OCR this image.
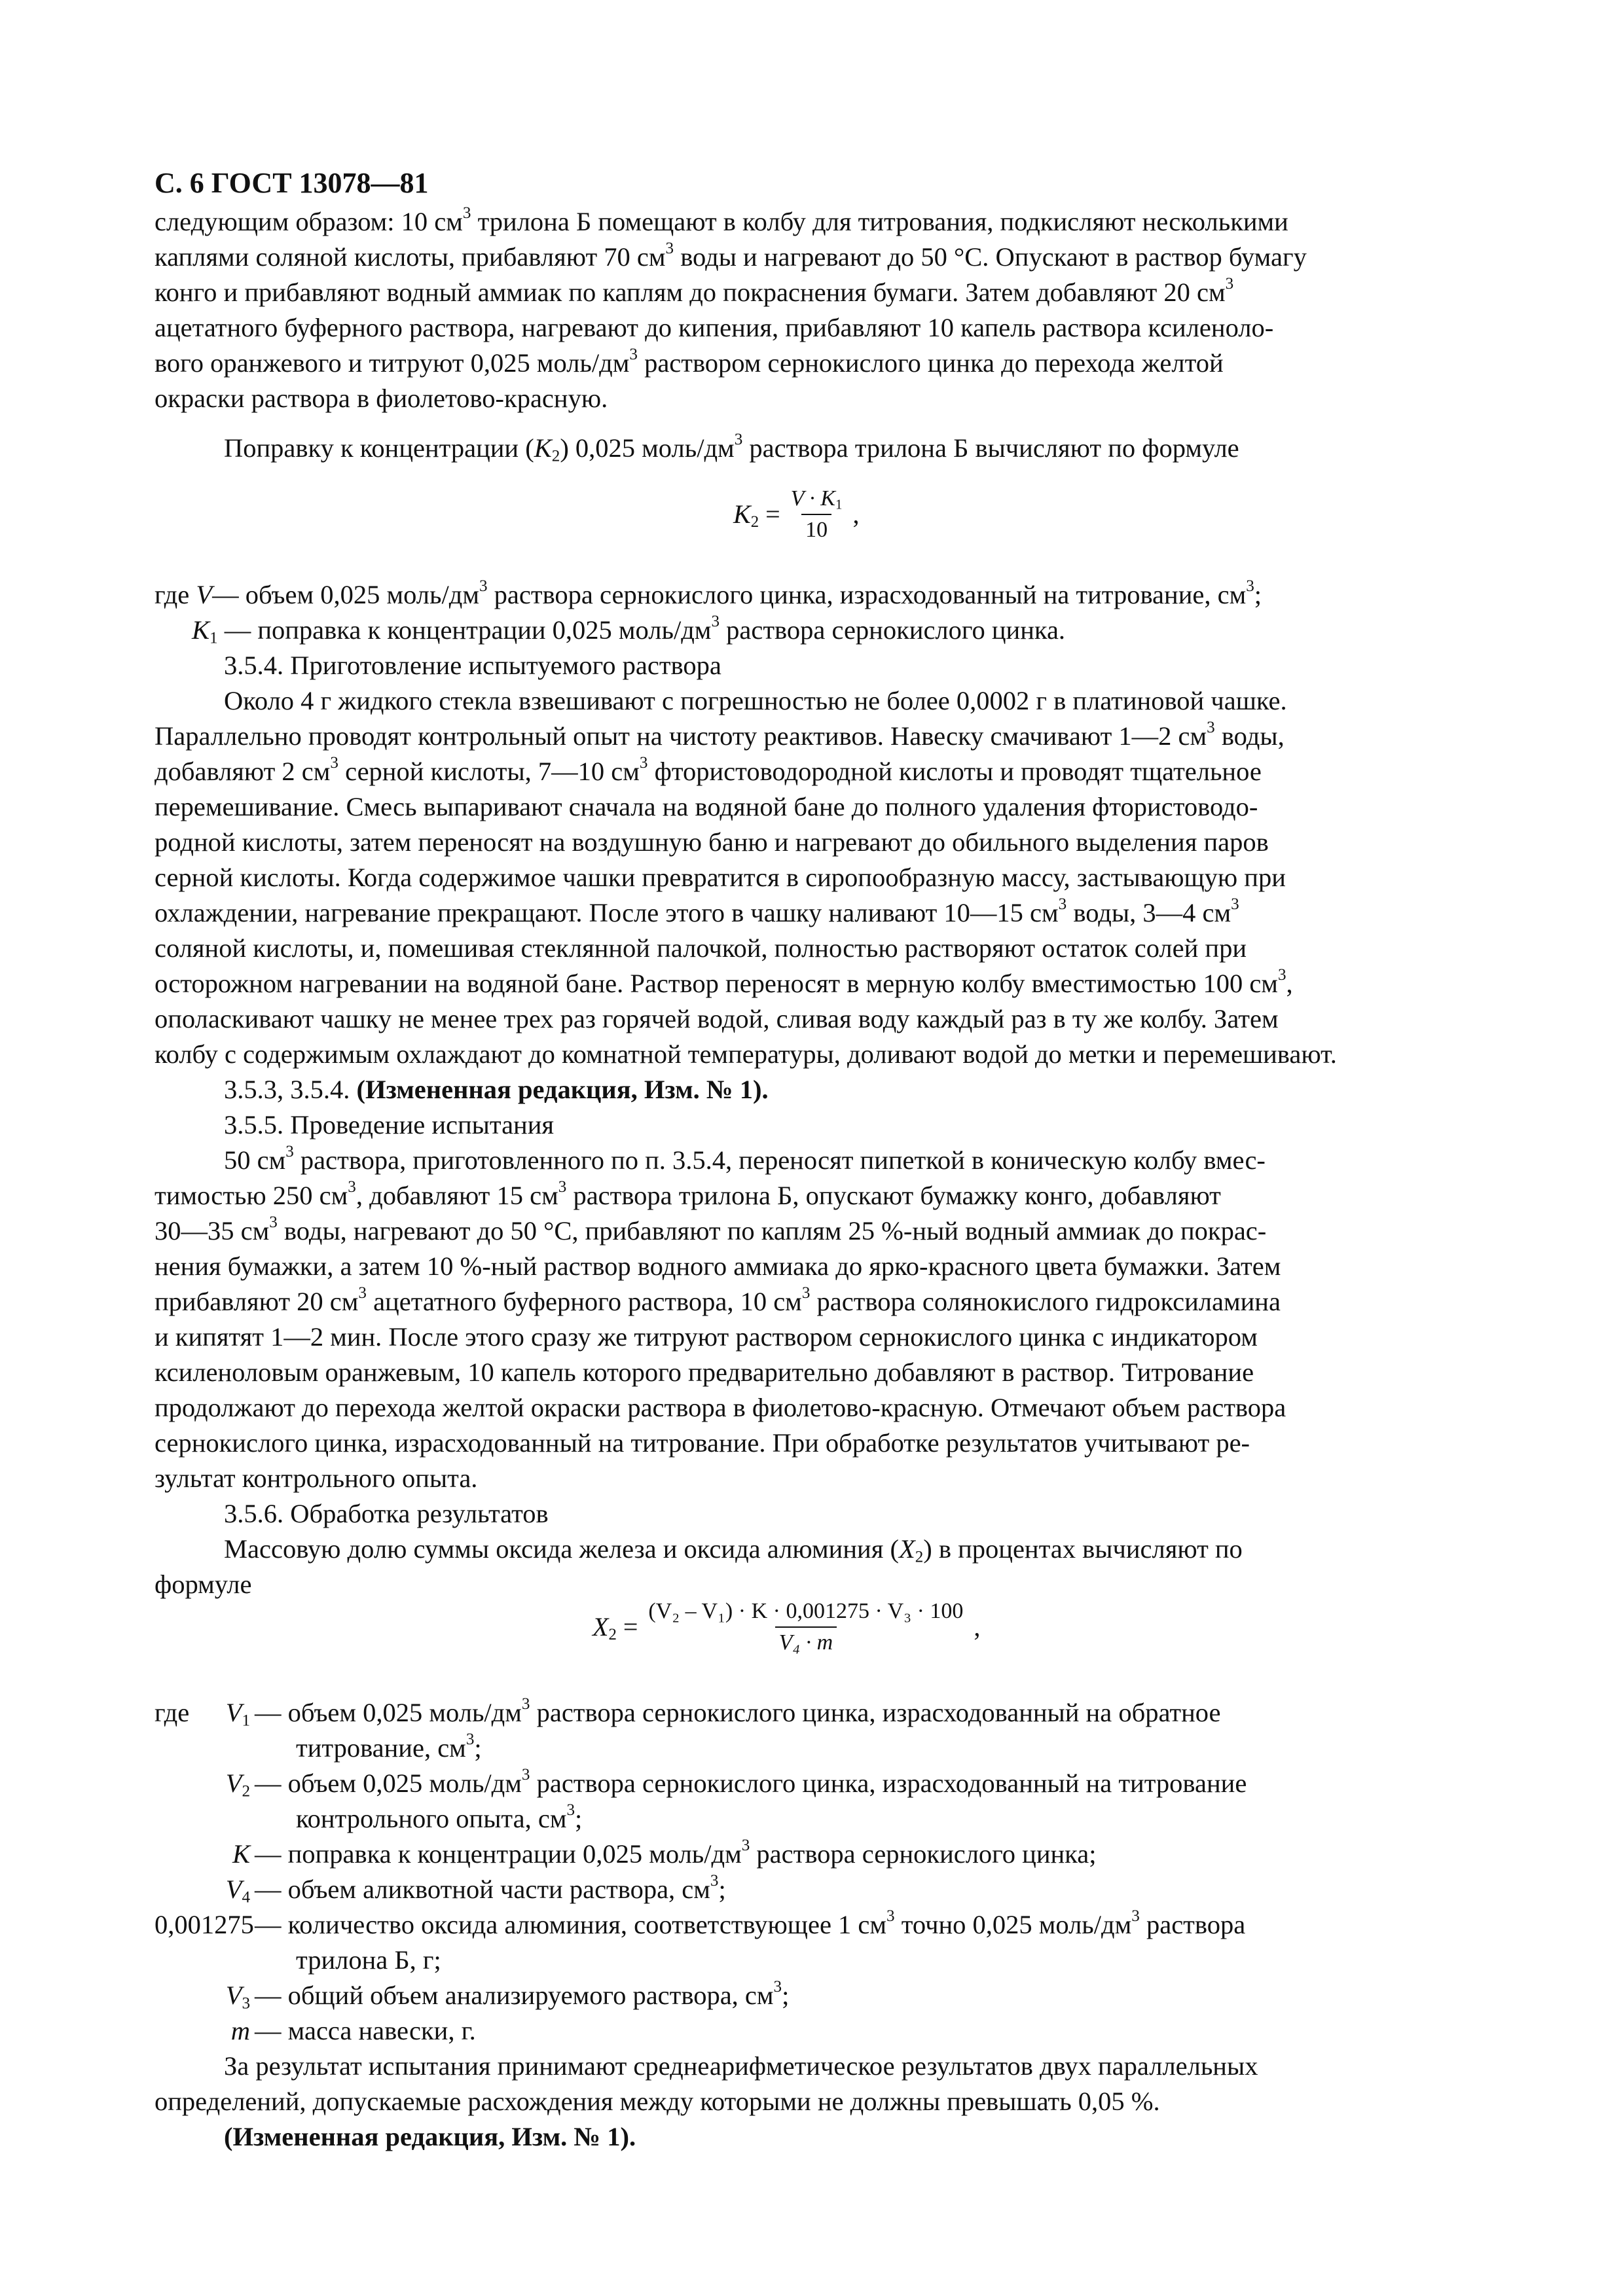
С. 6 ГОСТ 13078—81
следующим образом: 10 $см^3$ трилона Б помещают в колбу для титрования, подкисляют несколькими
каплями соляной кислоты, прибавляют 70 $см^3$ воды и нагревают до 50 °С. Опускают в раствор бумагу
конго и прибавляют водный аммиак по каплям до покраснения бумаги. Затем добавляют 20 $см^3$
ацетатного буферного раствора, нагревают до кипения, прибавляют 10 капель раствора ксиленоло-
вого оранжевого и титруют 0,025 моль/$дм^3$ раствором сернокислого цинка до перехода желтой
окраски раствора в фиолетово-красную.
Поправку к концентрации $(K_2)$ 0,025 моль/$дм^3$ раствора трилона Б вычисляют по формуле
$K_2 = \frac{V \cdot K_1}{10}$ ,
где V— объем 0,025 моль/$дм^3$ раствора сернокислого цинка, израсходованный на титрование, $см^3$;
$K_1$ — поправка к концентрации 0,025 моль/$дм^3$ раствора сернокислого цинка.
3.5.4. Приготовление испытуемого раствора
Около 4 г жидкого стекла взвешивают с погрешностью не более 0,0002 г в платиновой чашке.
Параллельно проводят контрольный опыт на чистоту реактивов. Навеску смачивают 1—2 $см^3$ воды,
добавляют 2 $см^3$ серной кислоты, 7—10 $см^3$ фтористоводородной кислоты и проводят тщательное
перемешивание. Смесь выпаривают сначала на водяной бане до полного удаления фтористоводо-
родной кислоты, затем переносят на воздушную баню и нагревают до обильного выделения паров
серной кислоты. Когда содержимое чашки превратится в сиропообразную массу, застывающую при
охлаждении, нагревание прекращают. После этого в чашку наливают 10—15 $см^3$ воды, 3—4 $см^3$
соляной кислоты, и, помешивая стеклянной палочкой, полностью растворяют остаток солей при
осторожном нагревании на водяной бане. Раствор переносят в мерную колбу вместимостью 100 $см^3$,
ополаскивают чашку не менее трех раз горячей водой, сливая воду каждый раз в ту же колбу. Затем
колбу с содержимым охлаждают до комнатной температуры, доливают водой до метки и перемешивают.
3.5.3, 3.5.4. (Измененная редакция, Изм. № 1).
3.5.5. Проведение испытания
50 $см^3$ раствора, приготовленного по п. 3.5.4, переносят пипеткой в коническую колбу вмес-
тимостью 250 $см^3$, добавляют 15 $см^3$ раствора трилона Б, опускают бумажку конго, добавляют
30—35 $см^3$ воды, нагревают до 50 °С, прибавляют по каплям 25 %-ный водный аммиак до покрас-
нения бумажки, а затем 10 %-ный раствор водного аммиака до ярко-красного цвета бумажки. Затем
прибавляют 20 $см^3$ ацетатного буферного раствора, 10 $см^3$ раствора солянокислого гидроксиламина
и кипятят 1—2 мин. После этого сразу же титруют раствором сернокислого цинка с индикатором
ксиленоловым оранжевым, 10 капель которого предварительно добавляют в раствор. Титрование
продолжают до перехода желтой окраски раствора в фиолетово-красную. Отмечают объем раствора
сернокислого цинка, израсходованный на титрование. При обработке результатов учитывают ре-
зультат контрольного опыта.
3.5.6. Обработка результатов
Массовую долю суммы оксида железа и оксида алюминия $(X_2)$ в процентах вычисляют по
формуле
$X_2 = \frac{\text{(V₂ – V₁) · K · 0,001275 · V₃ · 100}}{\text{V₄ · m}}$ ,
где	$V_1$ — объем 0,025 моль/$дм^3$ раствора сернокислого цинка, израсходованный на обратное
титрование, $см^3$;
$V_2$ — объем 0,025 моль/$дм^3$ раствора сернокислого цинка, израсходованный на титрование
контрольного опыта, $см^3$;
K — поправка к концентрации 0,025 моль/$дм^3$ раствора сернокислого цинка;
$V_4$ — объем аликвотной части раствора, $см^3$;
0,001275 — количество оксида алюминия, соответствующее 1 $см^3$ точно 0,025 моль/$дм^3$ раствора
трилона Б, г;
$V_3$ — общий объем анализируемого раствора, $см^3$;
m — масса навески, г.
За результат испытания принимают среднеарифметическое результатов двух параллельных
определений, допускаемые расхождения между которыми не должны превышать 0,05 %.
(Измененная редакция, Изм. № 1).
